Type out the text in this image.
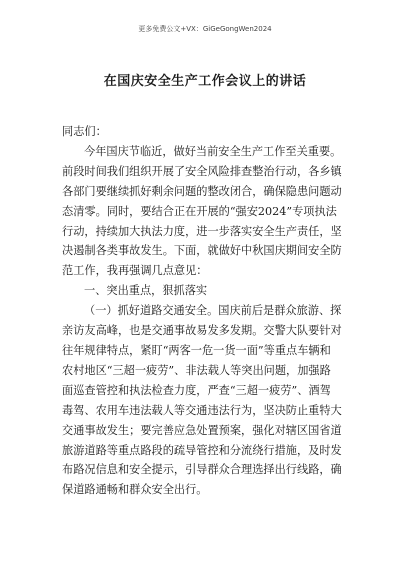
更多免费公文+VX：GiGeGongWen2024
在国庆安全生产工作会议上的讲话

同志们：

今年国庆节临近，做好当前安全生产工作至关重要。

前段时间我们组织开展了安全风险排查整治行动，各乡镇

各部门要继续抓好剩余问题的整改闭合，确保隐患问题动

态清零。同时，要结合正在开展的“强安2024”专项执法

行动，持续加大执法力度，进一步落实安全生产责任，坚

决遏制各类事故发生。下面，就做好中秋国庆期间安全防

范工作，我再强调几点意见：

一、突出重点，狠抓落实

（一）抓好道路交通安全。国庆前后是群众旅游、探

亲访友高峰，也是交通事故易发多发期。交警大队要针对

往年规律特点，紧盯“两客一危一货一面”等重点车辆和

农村地区“三超一疲劳”、非法载人等突出问题，加强路

面巡查管控和执法检查力度，严查“三超一疲劳”、酒驾

毒驾、农用车违法载人等交通违法行为，坚决防止重特大

交通事故发生；要完善应急处置预案，强化对辖区国省道

旅游道路等重点路段的疏导管控和分流绕行措施，及时发

布路况信息和安全提示，引导群众合理选择出行线路，确

保道路通畅和群众安全出行。
